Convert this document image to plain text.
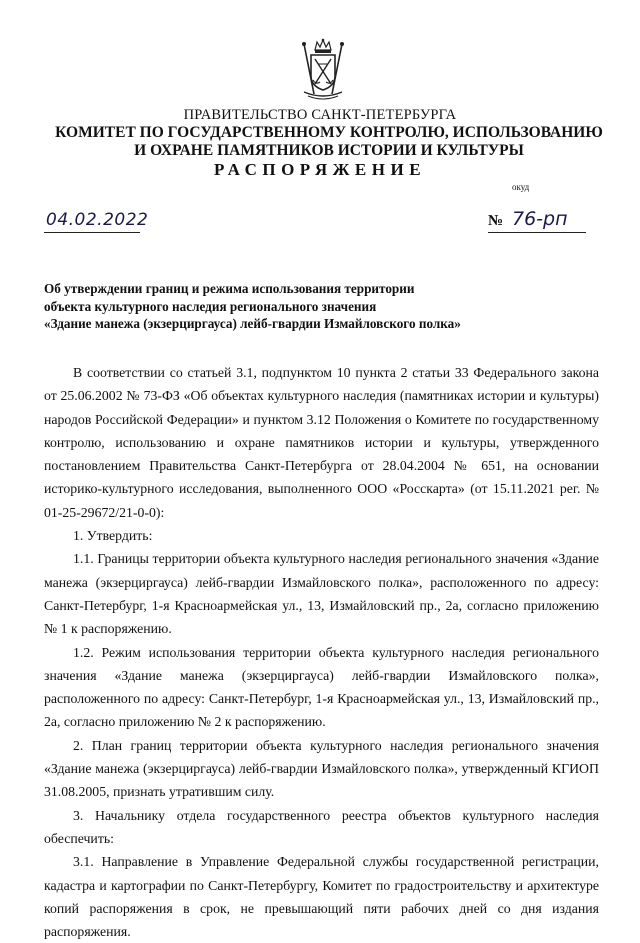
ПРАВИТЕЛЬСТВО САНКТ-ПЕТЕРБУРГА
КОМИТЕТ ПО ГОСУДАРСТВЕННОМУ КОНТРОЛЮ, ИСПОЛЬЗОВАНИЮ
И ОХРАНЕ ПАМЯТНИКОВ ИСТОРИИ И КУЛЬТУРЫ
РАСПОРЯЖЕНИЕ
окуд
04.02.2022	№ 76-рп
Об утверждении границ и режима использования территории
объекта культурного наследия регионального значения
«Здание манежа (экзерциргауса) лейб-гвардии Измайловского полка»

В соответствии со статьей 3.1, подпунктом 10 пункта 2 статьи 33 Федерального закона от 25.06.2002 № 73-ФЗ «Об объектах культурного наследия (памятниках истории и культуры) народов Российской Федерации» и пунктом 3.12 Положения о Комитете по государственному контролю, использованию и охране памятников истории и культуры, утвержденного постановлением Правительства Санкт-Петербурга от 28.04.2004 № 651, на основании историко-культурного исследования, выполненного ООО «Росскарта» (от 15.11.2021 рег. № 01-25-29672/21-0-0):

1. Утвердить:

1.1. Границы территории объекта культурного наследия регионального значения «Здание манежа (экзерциргауса) лейб-гвардии Измайловского полка», расположенного по адресу: Санкт-Петербург, 1-я Красноармейская ул., 13, Измайловский пр., 2а, согласно приложению № 1 к распоряжению.

1.2. Режим использования территории объекта культурного наследия регионального значения «Здание манежа (экзерциргауса) лейб-гвардии Измайловского полка», расположенного по адресу: Санкт-Петербург, 1-я Красноармейская ул., 13, Измайловский пр., 2а, согласно приложению № 2 к распоряжению.

2. План границ территории объекта культурного наследия регионального значения «Здание манежа (экзерциргауса) лейб-гвардии Измайловского полка», утвержденный КГИОП 31.08.2005, признать утратившим силу.

3. Начальнику отдела государственного реестра объектов культурного наследия обеспечить:

3.1. Направление в Управление Федеральной службы государственной регистрации, кадастра и картографии по Санкт-Петербургу, Комитет по градостроительству и архитектуре копий распоряжения в срок, не превышающий пяти рабочих дней со дня издания распоряжения.
